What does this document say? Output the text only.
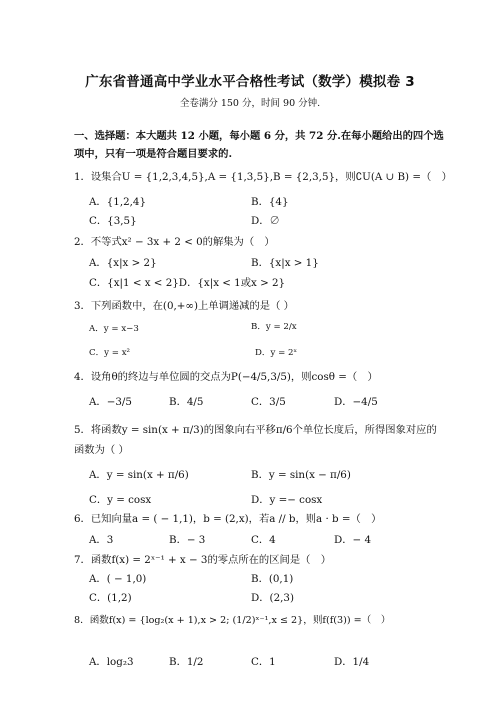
广东省普通高中学业水平合格性考试（数学）模拟卷 3
全卷满分 150 分，时间 90 分钟.
一、选择题：本大题共 12 小题，每小题 6 分，共 72 分.在每小题给出的四个选项中，只有一项是符合题目要求的.
1．设集合U = {1,2,3,4,5},A = {1,3,5},B = {2,3,5}，则∁U(A ∪ B) =（　）
A．{1,2,4}	B．{4}
C．{3,5}	D．∅
2．不等式x² − 3x + 2 < 0的解集为（　）
A．{x|x > 2}	B．{x|x > 1}
C．{x|1 < x < 2}D．{x|x < 1或x > 2}
3．下列函数中，在(0,+∞)上单调递减的是（ ）
A．y = x−3	B．y = 2/x
C．y = x²	D．y = 2ˣ
4．设角θ的终边与单位圆的交点为P(−4/5,3/5)，则cosθ =（　）
A．−3/5	B．4/5	C．3/5	D．−4/5
5．将函数y = sin(x + π/3)的图象向右平移π/6个单位长度后，所得图象对应的函数为（ ）
A．y = sin(x + π/6)	B．y = sin(x − π/6)
C．y = cosx	D．y =− cosx
6．已知向量a = ( − 1,1)，b = (2,x)，若a // b，则a · b =（　）
A．3	B．− 3	C．4	D．− 4
7．函数f(x) = 2ˣ⁻¹ + x − 3的零点所在的区间是（　）
A．( − 1,0)	B．(0,1)
C．(1,2)	D．(2,3)
8．函数f(x) = {log₂(x + 1),x > 2; (1/2)ˣ⁻¹,x ≤ 2}，则f(f(3)) =（　）
A．log₂3	B．1/2	C．1	D．1/4
